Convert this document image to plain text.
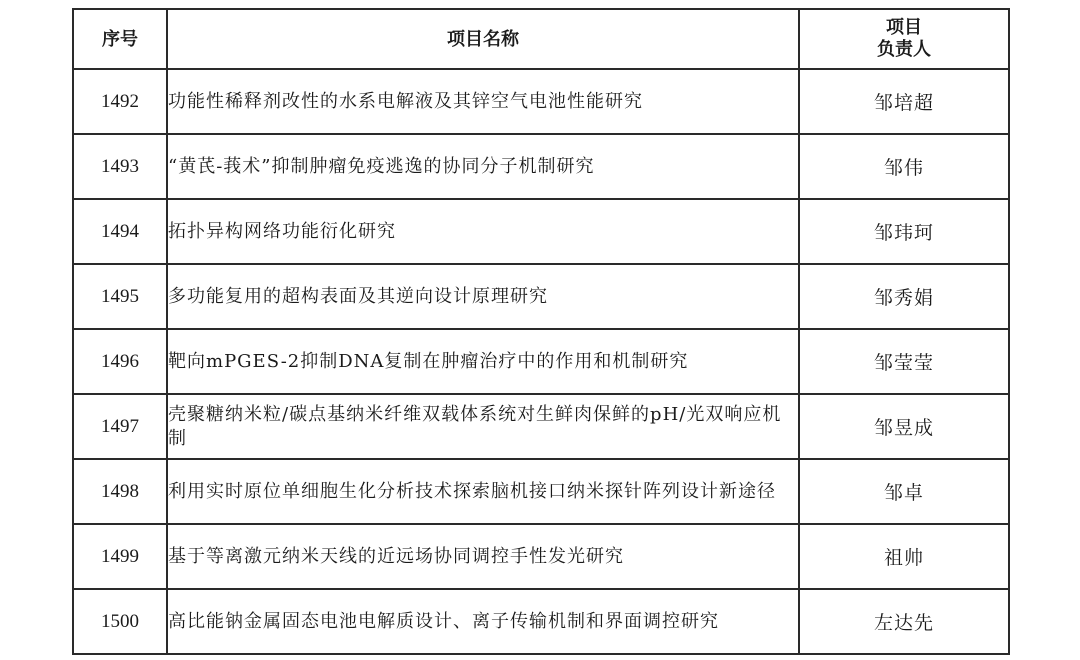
序号	项目名称	项目
负责人
1492	功能性稀释剂改性的水系电解液及其锌空气电池性能研究	邹培超
1493	“黄芪-莪术”抑制肿瘤免疫逃逸的协同分子机制研究	邹伟
1494	拓扑异构网络功能衍化研究	邹玮珂
1495	多功能复用的超构表面及其逆向设计原理研究	邹秀娟
1496	靶向mPGES-2抑制DNA复制在肿瘤治疗中的作用和机制研究	邹莹莹
1497	壳聚糖纳米粒/碳点基纳米纤维双载体系统对生鲜肉保鲜的pH/光双响应机制	邹昱成
1498	利用实时原位单细胞生化分析技术探索脑机接口纳米探针阵列设计新途径	邹卓
1499	基于等离激元纳米天线的近远场协同调控手性发光研究	祖帅
1500	高比能钠金属固态电池电解质设计、离子传输机制和界面调控研究	左达先
